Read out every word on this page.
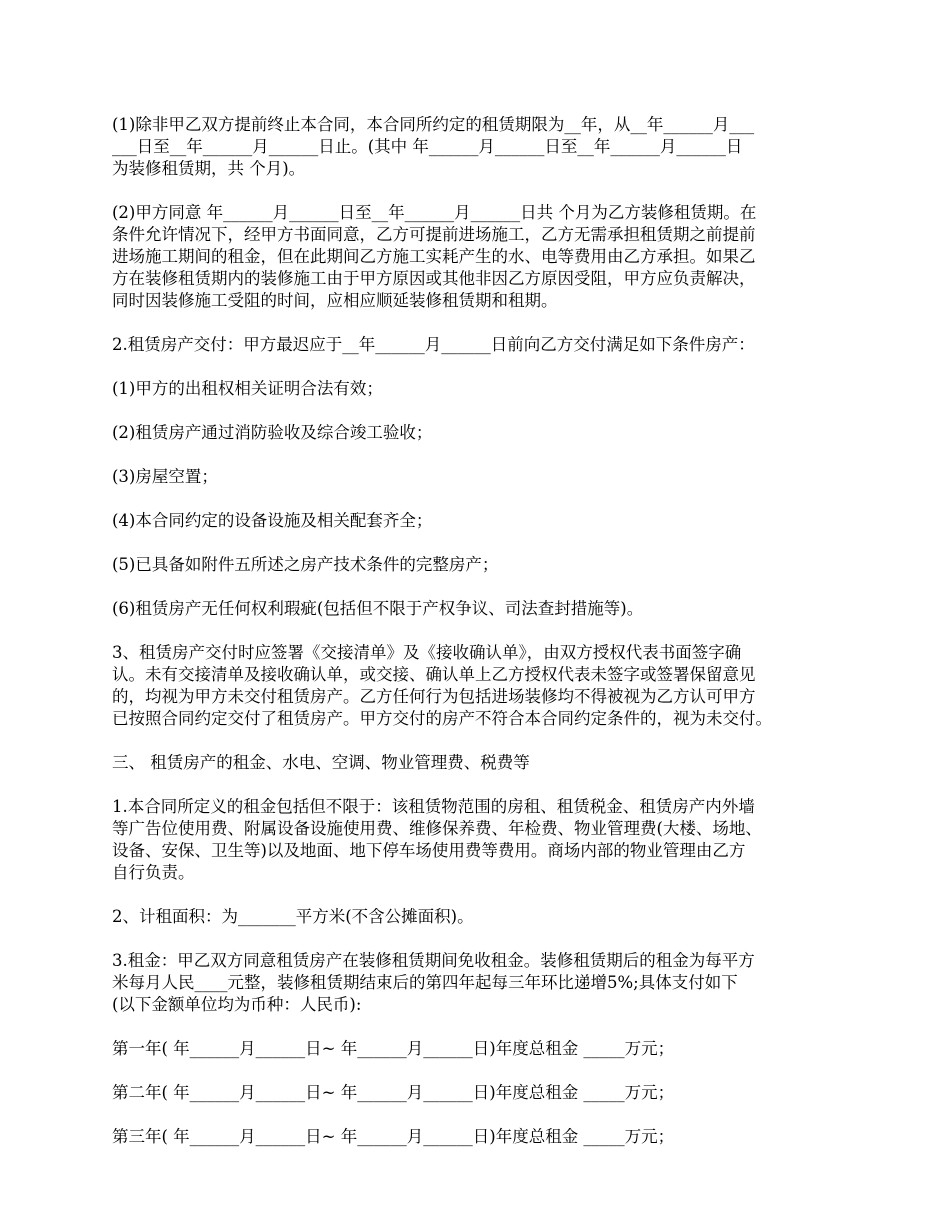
(1)除非甲乙双方提前终止本合同，本合同所约定的租赁期限为__年，从__年______月___
___日至__年______月______日止。(其中 年______月______日至__年______月______日
为装修租赁期，共 个月)。

(2)甲方同意 年______月______日至__年______月______日共 个月为乙方装修租赁期。在
条件允许情况下，经甲方书面同意，乙方可提前进场施工，乙方无需承担租赁期之前提前
进场施工期间的租金，但在此期间乙方施工实耗产生的水、电等费用由乙方承担。如果乙
方在装修租赁期内的装修施工由于甲方原因或其他非因乙方原因受阻，甲方应负责解决，
同时因装修施工受阻的时间，应相应顺延装修租赁期和租期。

2.租赁房产交付：甲方最迟应于__年______月______日前向乙方交付满足如下条件房产：

(1)甲方的出租权相关证明合法有效；

(2)租赁房产通过消防验收及综合竣工验收；

(3)房屋空置；

(4)本合同约定的设备设施及相关配套齐全；

(5)已具备如附件五所述之房产技术条件的完整房产；

(6)租赁房产无任何权利瑕疵(包括但不限于产权争议、司法查封措施等)。

3、租赁房产交付时应签署《交接清单》及《接收确认单》，由双方授权代表书面签字确
认。未有交接清单及接收确认单，或交接、确认单上乙方授权代表未签字或签署保留意见
的，均视为甲方未交付租赁房产。乙方任何行为包括进场装修均不得被视为乙方认可甲方
已按照合同约定交付了租赁房产。甲方交付的房产不符合本合同约定条件的，视为未交付。

三、 租赁房产的租金、水电、空调、物业管理费、税费等

1.本合同所定义的租金包括但不限于：该租赁物范围的房租、租赁税金、租赁房产内外墙
等广告位使用费、附属设备设施使用费、维修保养费、年检费、物业管理费(大楼、场地、
设备、安保、卫生等)以及地面、地下停车场使用费等费用。商场内部的物业管理由乙方
自行负责。

2、计租面积：为_______平方米(不含公摊面积)。

3.租金：甲乙双方同意租赁房产在装修租赁期间免收租金。装修租赁期后的租金为每平方
米每月人民____元整，装修租赁期结束后的第四年起每三年环比递增5%;具体支付如下
(以下金额单位均为币种：人民币):

第一年( 年______月______日~ 年______月______日)年度总租金 _____万元；

第二年( 年______月______日~ 年______月______日)年度总租金 _____万元；

第三年( 年______月______日~ 年______月______日)年度总租金 _____万元；
